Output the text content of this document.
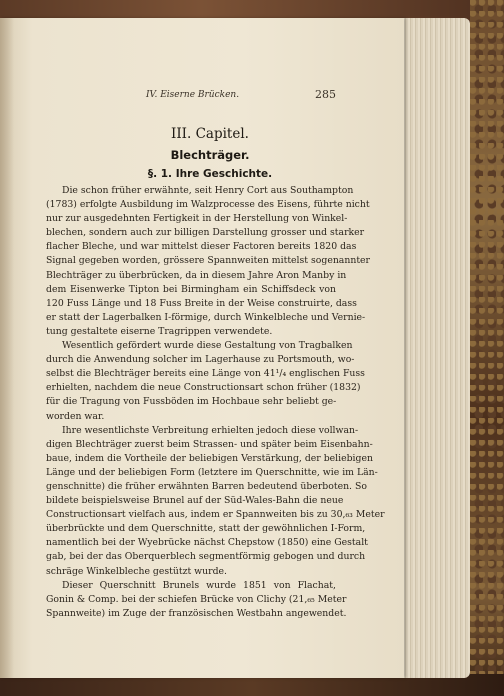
IV. Eiserne Brücken.	285
III. Capitel.
Blechträger.
§. 1. Ihre Geschichte.
Die schon früher erwähnte, seit Henry Cort aus Southampton
(1783) erfolgte Ausbildung im Walzprocesse des Eisens, führte nicht
nur zur ausgedehnten Fertigkeit in der Herstellung von Winkel-
blechen, sondern auch zur billigen Darstellung grosser und starker
flacher Bleche, und war mittelst dieser Factoren bereits 1820 das
Signal gegeben worden, grössere Spannweiten mittelst sogenannter
Blechträger zu überbrücken, da in diesem Jahre Aron Manby in
dem Eisenwerke Tipton bei Birmingham ein Schiffsdeck von
120 Fuss Länge und 18 Fuss Breite in der Weise construirte, dass
er statt der Lagerbalken I-förmige, durch Winkelbleche und Vernie-
tung gestaltete eiserne Tragrippen verwendete.
Wesentlich gefördert wurde diese Gestaltung von Tragbalken
durch die Anwendung solcher im Lagerhause zu Portsmouth, wo-
selbst die Blechträger bereits eine Länge von 41¹/₄ englischen Fuss
erhielten, nachdem die neue Constructionsart schon früher (1832)
für die Tragung von Fussböden im Hochbaue sehr beliebt ge-
worden war.
Ihre wesentlichste Verbreitung erhielten jedoch diese vollwan-
digen Blechträger zuerst beim Strassen- und später beim Eisenbahn-
baue, indem die Vortheile der beliebigen Verstärkung, der beliebigen
Länge und der beliebigen Form (letztere im Querschnitte, wie im Län-
genschnitte) die früher erwähnten Barren bedeutend überboten. So
bildete beispielsweise Brunel auf der Süd-Wales-Bahn die neue
Constructionsart vielfach aus, indem er Spannweiten bis zu 30,₆₃ Meter
überbrückte und dem Querschnitte, statt der gewöhnlichen I-Form,
namentlich bei der Wyebrücke nächst Chepstow (1850) eine Gestalt
gab, bei der das Oberquerblech segmentförmig gebogen und durch
schräge Winkelbleche gestützt wurde.
Dieser Querschnitt Brunels wurde 1851 von Flachat,
Gonin & Comp. bei der schiefen Brücke von Clichy (21,₆₅ Meter
Spannweite) im Zuge der französischen Westbahn angewendet.
